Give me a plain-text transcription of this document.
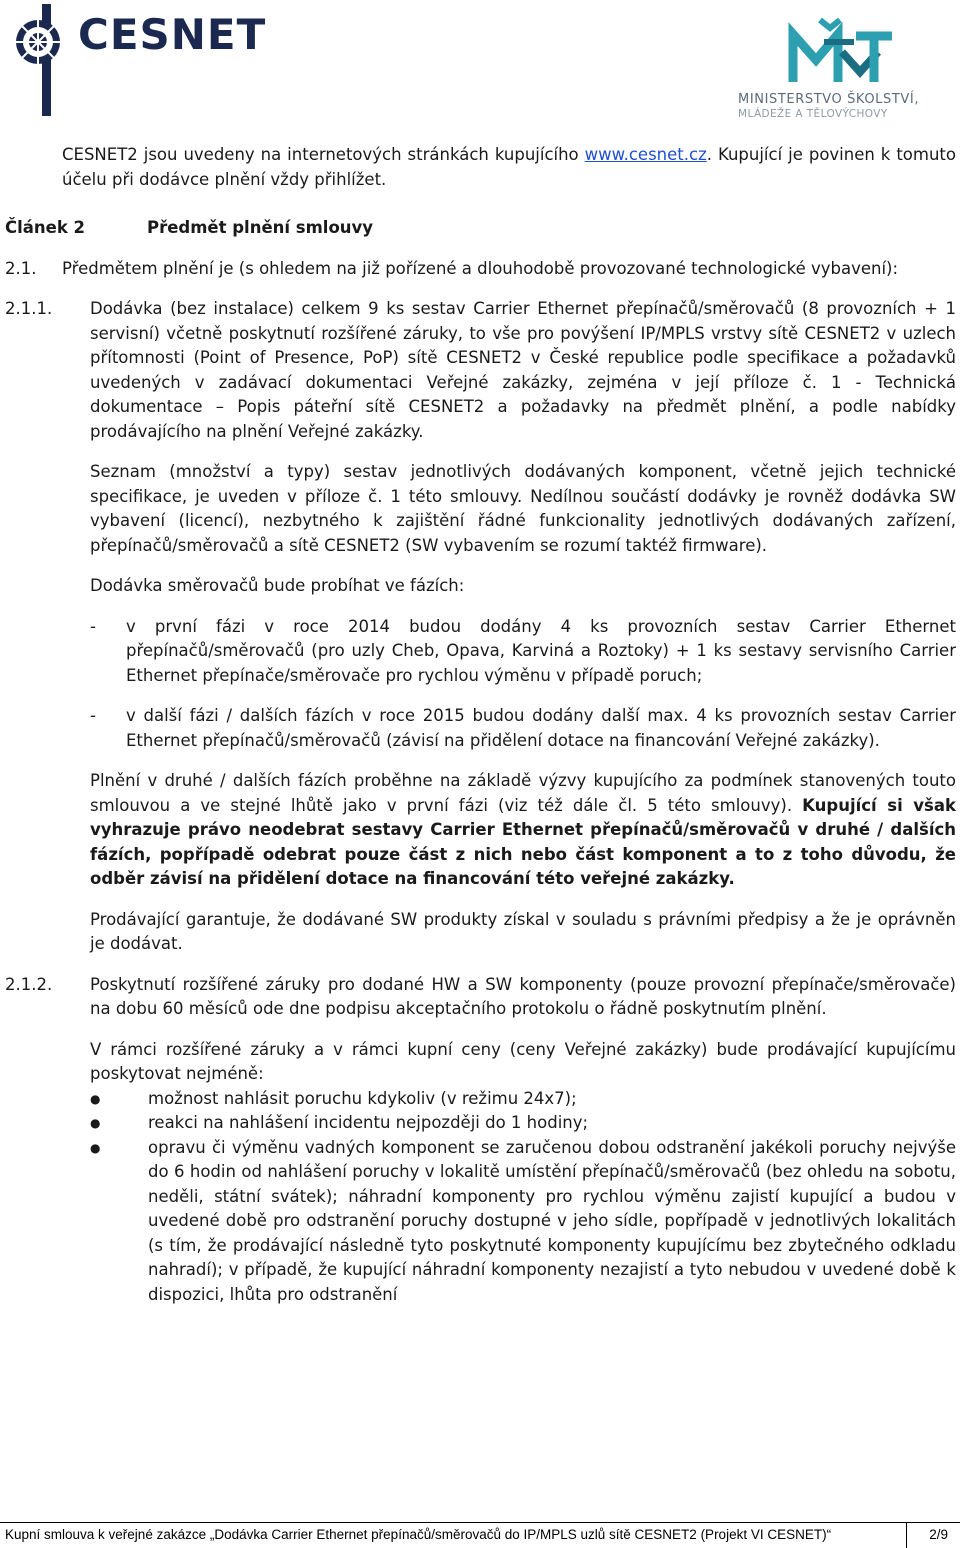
CESNET
MINISTERSTVO ŠKOLSTVÍ,
MLÁDEŽE A TĚLOVÝCHOVY

CESNET2 jsou uvedeny na internetových stránkách kupujícího www.cesnet.cz. Kupující je povinen k tomuto účelu při dodávce plnění vždy přihlížet.

Článek 2	Předmět plnění smlouvy
2.1.	Předmětem plnění je (s ohledem na již pořízené a dlouhodobě provozované technologické vybavení):

2.1.1.	Dodávka (bez instalace) celkem 9 ks sestav Carrier Ethernet přepínačů/směrovačů (8 provozních + 1 servisní) včetně poskytnutí rozšířené záruky, to vše pro povýšení IP/MPLS vrstvy sítě CESNET2 v uzlech přítomnosti (Point of Presence, PoP) sítě CESNET2 v České republice podle specifikace a požadavků uvedených v zadávací dokumentaci Veřejné zakázky, zejména v její příloze č. 1 - Technická dokumentace – Popis páteřní sítě CESNET2 a požadavky na předmět plnění, a podle nabídky prodávajícího na plnění Veřejné zakázky.

Seznam (množství a typy) sestav jednotlivých dodávaných komponent, včetně jejich technické specifikace, je uveden v příloze č. 1 této smlouvy. Nedílnou součástí dodávky je rovněž dodávka SW vybavení (licencí), nezbytného k zajištění řádné funkcionality jednotlivých dodávaných zařízení, přepínačů/směrovačů a sítě CESNET2 (SW vybavením se rozumí taktéž firmware).

Dodávka směrovačů bude probíhat ve fázích:

-	v první fázi v roce 2014 budou dodány 4 ks provozních sestav Carrier Ethernet přepínačů/směrovačů (pro uzly Cheb, Opava, Karviná a Roztoky) + 1 ks sestavy servisního Carrier Ethernet přepínače/směrovače pro rychlou výměnu v případě poruch;
-	v další fázi / dalších fázích v roce 2015 budou dodány další max. 4 ks provozních sestav Carrier Ethernet přepínačů/směrovačů (závisí na přidělení dotace na financování Veřejné zakázky).

Plnění v druhé / dalších fázích proběhne na základě výzvy kupujícího za podmínek stanovených touto smlouvou a ve stejné lhůtě jako v první fázi (viz též dále čl. 5 této smlouvy). Kupující si však vyhrazuje právo neodebrat sestavy Carrier Ethernet přepínačů/směrovačů v druhé / dalších fázích, popřípadě odebrat pouze část z nich nebo část komponent a to z toho důvodu, že odběr závisí na přidělení dotace na financování této veřejné zakázky.

Prodávající garantuje, že dodávané SW produkty získal v souladu s právními předpisy a že je oprávněn je dodávat.

2.1.2.	Poskytnutí rozšířené záruky pro dodané HW a SW komponenty (pouze provozní přepínače/směrovače) na dobu 60 měsíců ode dne podpisu akceptačního protokolu o řádně poskytnutím plnění.

V rámci rozšířené záruky a v rámci kupní ceny (ceny Veřejné zakázky) bude prodávající kupujícímu poskytovat nejméně:

●	možnost nahlásit poruchu kdykoliv (v režimu 24x7);
●	reakci na nahlášení incidentu nejpozději do 1 hodiny;
●	opravu či výměnu vadných komponent se zaručenou dobou odstranění jakékoli poruchy nejvýše do 6 hodin od nahlášení poruchy v lokalitě umístění přepínačů/směrovačů (bez ohledu na sobotu, neděli, státní svátek); náhradní komponenty pro rychlou výměnu zajistí kupující a budou v uvedené době pro odstranění poruchy dostupné v jeho sídle, popřípadě v jednotlivých lokalitách (s tím, že prodávající následně tyto poskytnuté komponenty kupujícímu bez zbytečného odkladu nahradí); v případě, že kupující náhradní komponenty nezajistí a tyto nebudou v uvedené době k dispozici, lhůta pro odstranění
Kupní smlouva k veřejné zakázce „Dodávka Carrier Ethernet přepínačů/směrovačů do IP/MPLS uzlů sítě CESNET2 (Projekt VI CESNET)“	2/9
